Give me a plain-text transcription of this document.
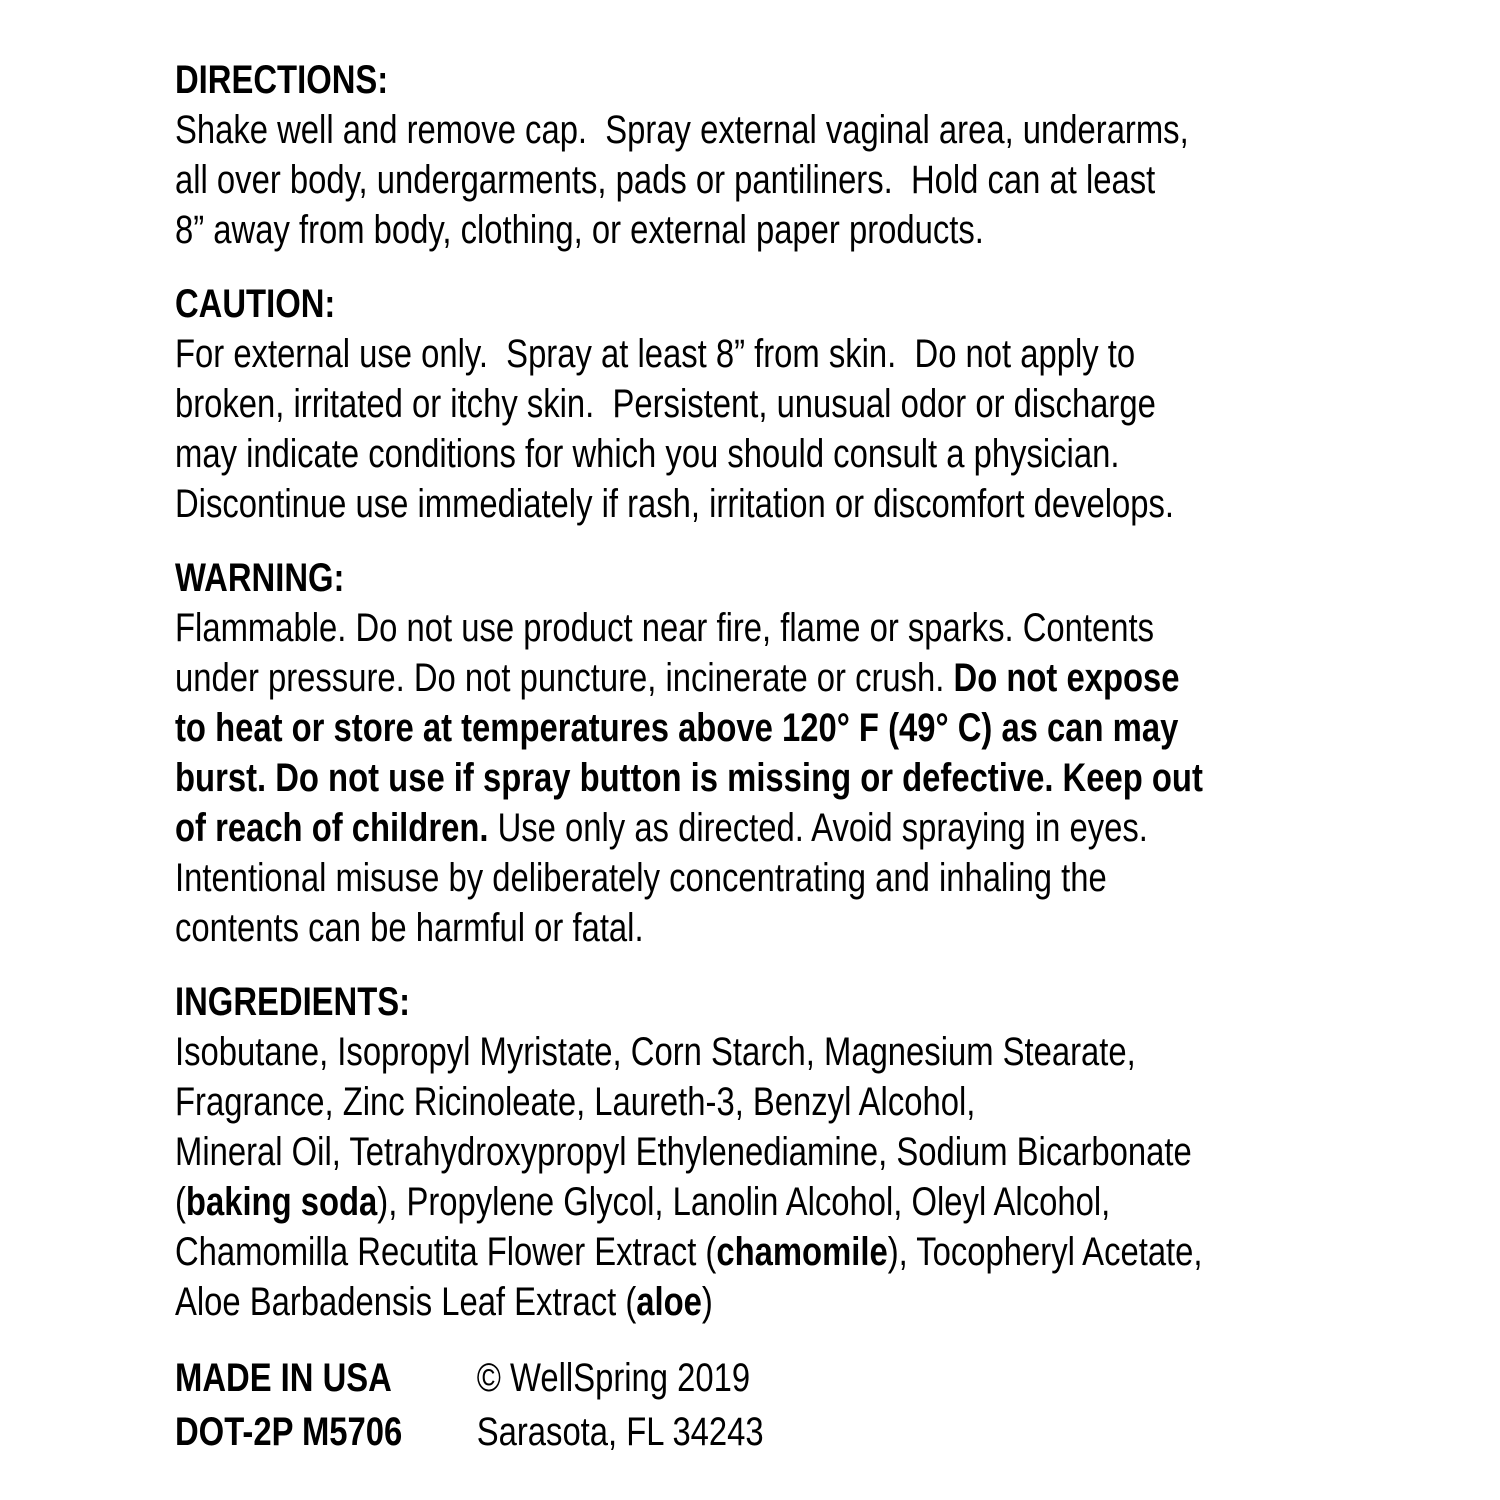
DIRECTIONS:
Shake well and remove cap.  Spray external vaginal area, underarms,
all over body, undergarments, pads or pantiliners.  Hold can at least
8” away from body, clothing, or external paper products.
CAUTION:
For external use only.  Spray at least 8” from skin.  Do not apply to
broken, irritated or itchy skin.  Persistent, unusual odor or discharge
may indicate conditions for which you should consult a physician.
Discontinue use immediately if rash, irritation or discomfort develops.
WARNING:
Flammable. Do not use product near fire, flame or sparks. Contents
under pressure. Do not puncture, incinerate or crush. Do not expose
to heat or store at temperatures above 120° F (49° C) as can may
burst. Do not use if spray button is missing or defective. Keep out
of reach of children. Use only as directed. Avoid spraying in eyes.
Intentional misuse by deliberately concentrating and inhaling the
contents can be harmful or fatal.
INGREDIENTS:
Isobutane, Isopropyl Myristate, Corn Starch, Magnesium Stearate,
Fragrance, Zinc Ricinoleate, Laureth-3, Benzyl Alcohol,
Mineral Oil, Tetrahydroxypropyl Ethylenediamine, Sodium Bicarbonate
(baking soda), Propylene Glycol, Lanolin Alcohol, Oleyl Alcohol,
Chamomilla Recutita Flower Extract (chamomile), Tocopheryl Acetate,
Aloe Barbadensis Leaf Extract (aloe)
MADE IN USA	© WellSpring 2019
DOT-2P M5706	Sarasota, FL 34243
